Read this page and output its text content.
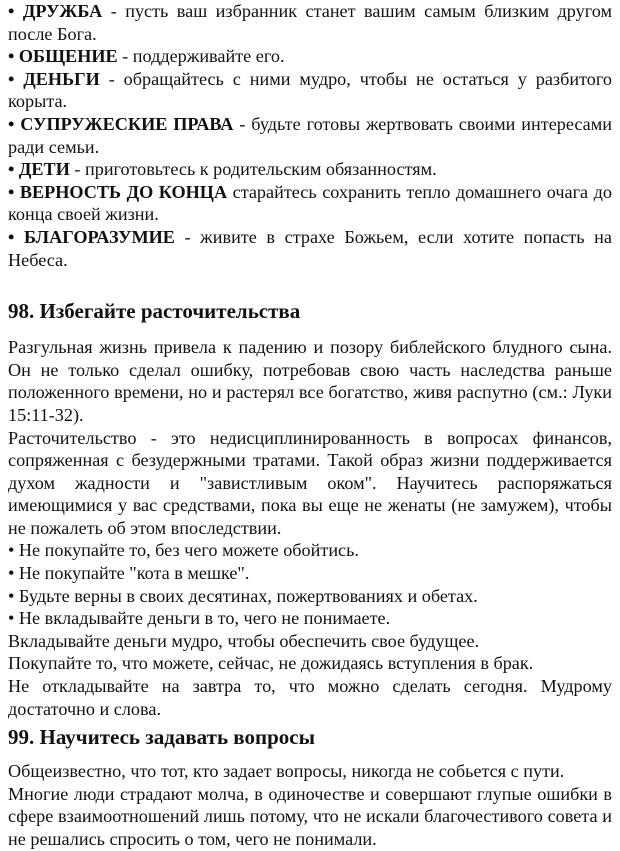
• ДРУЖБА - пусть ваш избранник станет вашим самым близким другом после Бога.

• ОБЩЕНИЕ - поддерживайте его.

• ДЕНЬГИ - обращайтесь с ними мудро, чтобы не остаться у разбитого корыта.

• СУПРУЖЕСКИЕ ПРАВА - будьте готовы жертвовать своими интересами ради семьи.

• ДЕТИ - приготовьтесь к родительским обязанностям.

• ВЕРНОСТЬ ДО КОНЦА старайтесь сохранить тепло домашнего очага до конца своей жизни.

• БЛАГОРАЗУМИЕ - живите в страхе Божьем, если хотите попасть на Небеса.

98. Избегайте расточительства

Разгульная жизнь привела к падению и позору библейского блудного сына. Он не только сделал ошибку, потребовав свою часть наследства раньше положенного времени, но и растерял все богатство, живя распутно (см.: Луки 15:11-32).

Расточительство - это недисциплинированность в вопросах финансов, сопряженная с безудержными тратами. Такой образ жизни поддерживается духом жадности и "завистливым оком". Научитесь распоряжаться имеющимися у вас средствами, пока вы еще не женаты (не замужем), чтобы не пожалеть об этом впоследствии.

• Не покупайте то, без чего можете обойтись.

• Не покупайте "кота в мешке".

• Будьте верны в своих десятинах, пожертвованиях и обетах.

• Не вкладывайте деньги в то, чего не понимаете.

Вкладывайте деньги мудро, чтобы обеспечить свое будущее.

Покупайте то, что можете, сейчас, не дожидаясь вступления в брак.

Не откладывайте на завтра то, что можно сделать сегодня. Мудрому достаточно и слова.

99. Научитесь задавать вопросы

Общеизвестно, что тот, кто задает вопросы, никогда не собьется с пути.

Многие люди страдают молча, в одиночестве и совершают глупые ошибки в сфере взаимоотношений лишь потому, что не искали благочестивого совета и не решались спросить о том, чего не понимали.
